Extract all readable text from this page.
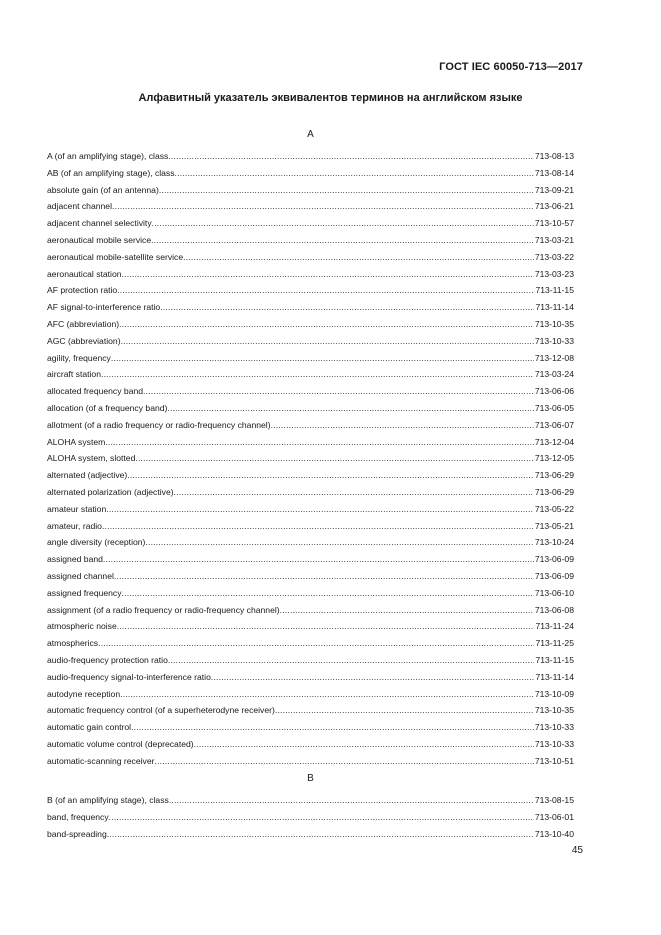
ГОСТ IEC 60050-713—2017
Алфавитный указатель эквивалентов терминов на английском языке
A
A (of an amplifying stage), class .....	713-08-13
AB (of an amplifying stage), class .....	713-08-14
absolute gain (of an antenna) .....	713-09-21
adjacent channel .....	713-06-21
adjacent channel selectivity .....	713-10-57
aeronautical mobile service .....	713-03-21
aeronautical mobile-satellite service .....	713-03-22
aeronautical station .....	713-03-23
AF protection ratio .....	713-11-15
AF signal-to-interference ratio .....	713-11-14
AFC (abbreviation) .....	713-10-35
AGC (abbreviation) .....	713-10-33
agility, frequency .....	713-12-08
aircraft station .....	713-03-24
allocated frequency band .....	713-06-06
allocation (of a frequency band) .....	713-06-05
allotment (of a radio frequency or radio-frequency channel) .....	713-06-07
ALOHA system .....	713-12-04
ALOHA system, slotted .....	713-12-05
alternated (adjective) .....	713-06-29
alternated polarization (adjective) .....	713-06-29
amateur station .....	713-05-22
amateur, radio .....	713-05-21
angle diversity (reception) .....	713-10-24
assigned band .....	713-06-09
assigned channel .....	713-06-09
assigned frequency .....	713-06-10
assignment (of a radio frequency or radio-frequency channel) .....	713-06-08
atmospheric noise .....	713-11-24
atmospherics .....	713-11-25
audio-frequency protection ratio .....	713-11-15
audio-frequency signal-to-interference ratio .....	713-11-14
autodyne reception .....	713-10-09
automatic frequency control (of a superheterodyne receiver) .....	713-10-35
automatic gain control .....	713-10-33
automatic volume control (deprecated) .....	713-10-33
automatic-scanning receiver .....	713-10-51
B
B (of an amplifying stage), class .....	713-08-15
band, frequency .....	713-06-01
band-spreading .....	713-10-40
45
